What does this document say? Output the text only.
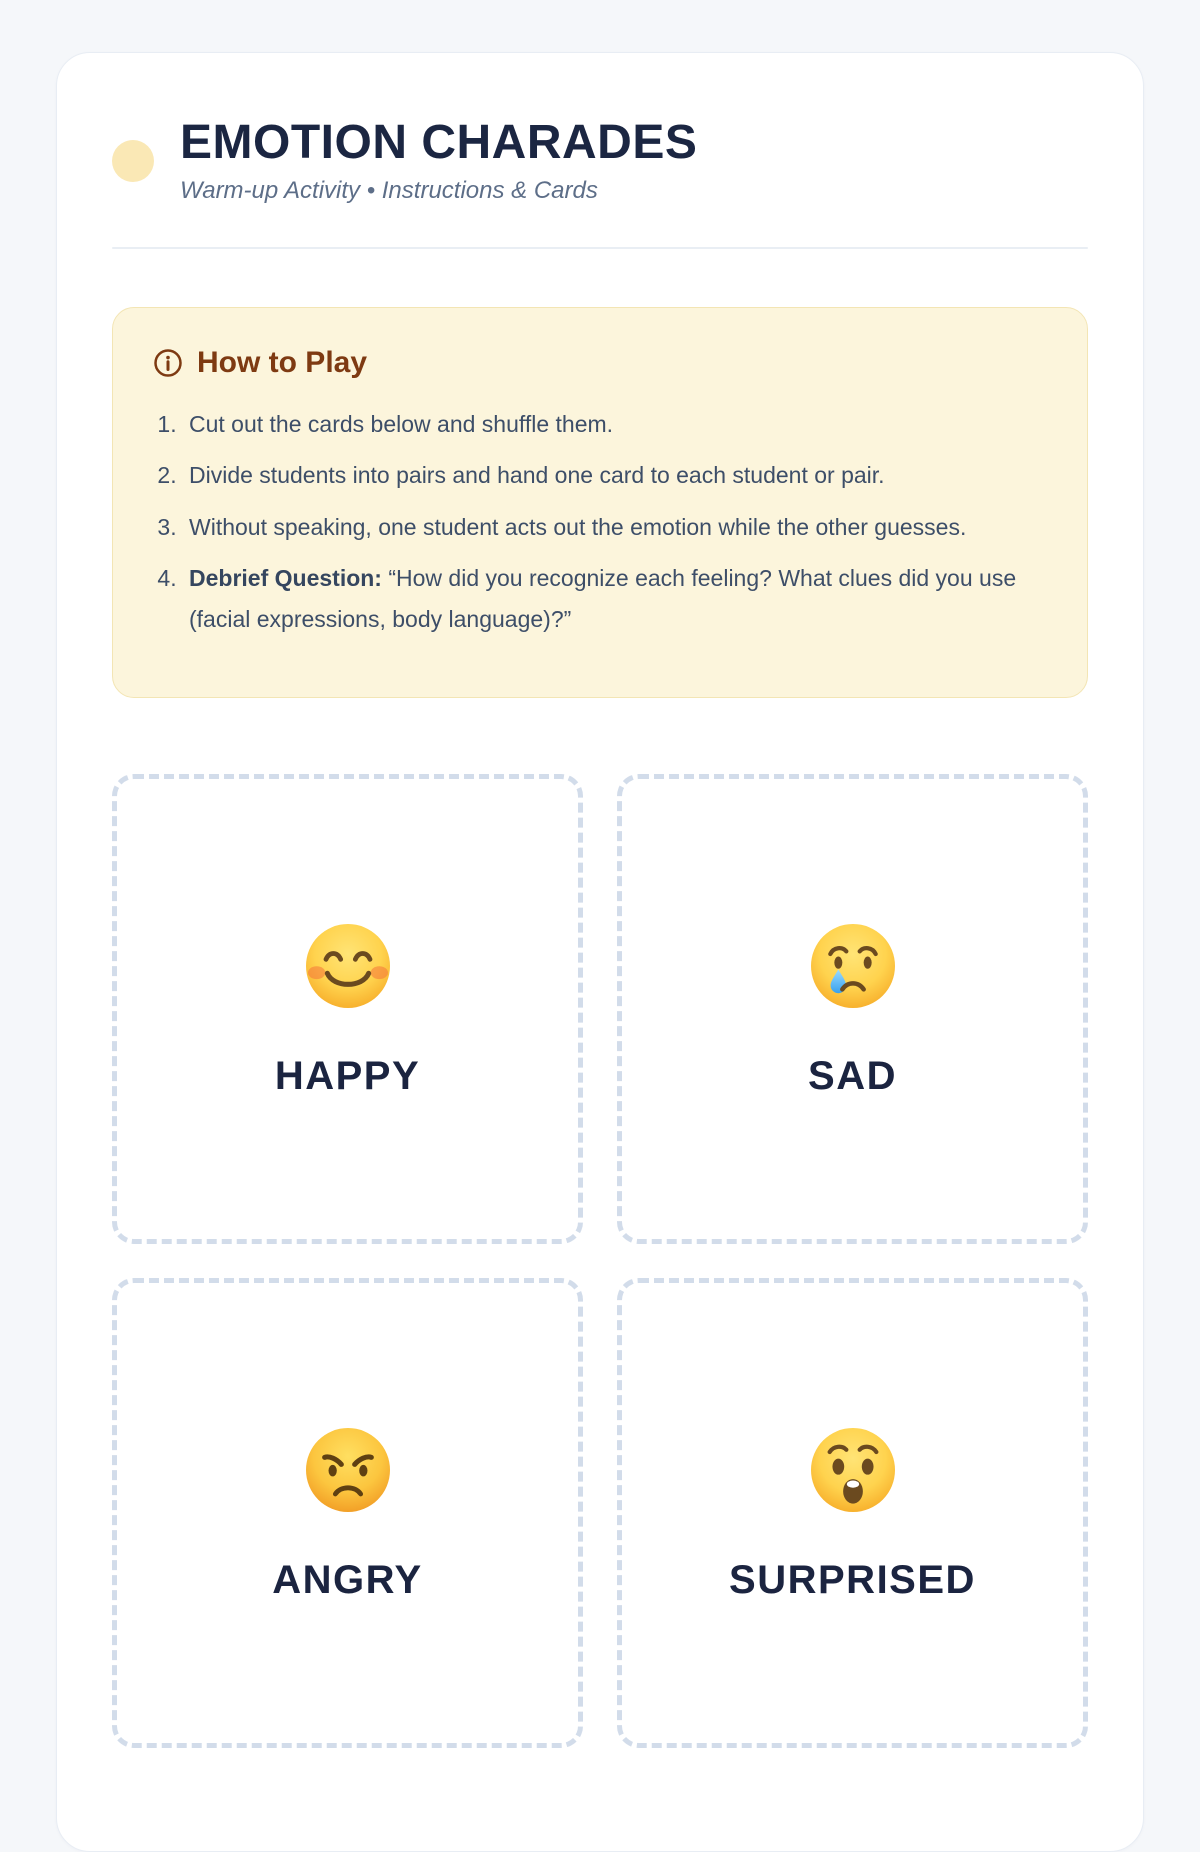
EMOTION CHARADES

Warm-up Activity • Instructions & Cards

How to Play
1. Cut out the cards below and shuffle them.
2. Divide students into pairs and hand one card to each student or pair.
3. Without speaking, one student acts out the emotion while the other guesses.
4. Debrief Question: “How did you recognize each feeling? What clues did you use (facial expressions, body language)?”
HAPPY	SAD
ANGRY	SURPRISED
